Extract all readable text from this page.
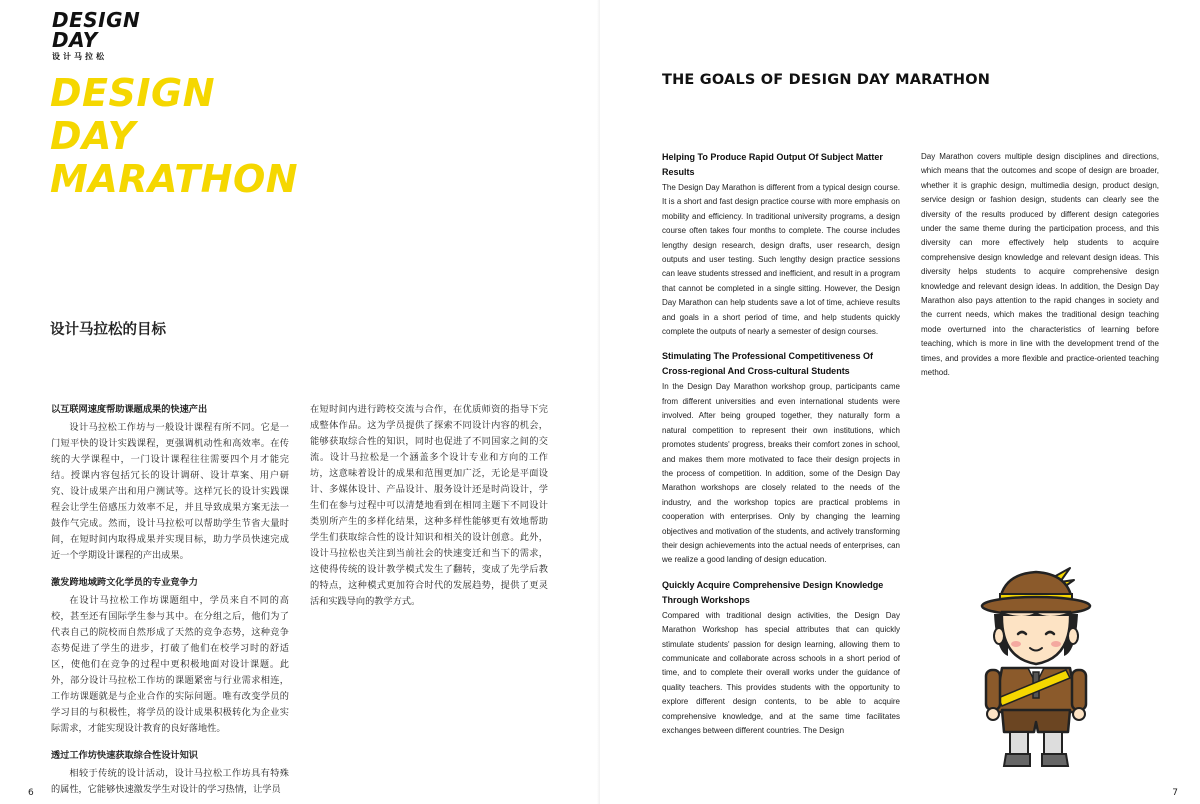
DESIGN
DAY
设计马拉松
DESIGN
DAY
MARATHON
设计马拉松的目标
以互联网速度帮助课题成果的快速产出
设计马拉松工作坊与一般设计课程有所不同。它是一门短平快的设计实践课程，更强调机动性和高效率。在传统的大学课程中，一门设计课程往往需要四个月才能完结。授课内容包括冗长的设计调研、设计草案、用户研究、设计成果产出和用户测试等。这样冗长的设计实践课程会让学生倍感压力效率不足，并且导致成果方案无法一鼓作气完成。然而，设计马拉松可以帮助学生节省大量时间，在短时间内取得成果并实现目标，助力学员快速完成近一个学期设计课程的产出成果。
激发跨地域跨文化学员的专业竞争力
在设计马拉松工作坊课题组中，学员来自不同的高校，甚至还有国际学生参与其中。在分组之后，他们为了代表自己的院校而自然形成了天然的竞争态势，这种竞争态势促进了学生的进步，打破了他们在校学习时的舒适区，使他们在竞争的过程中更积极地面对设计课题。此外，部分设计马拉松工作坊的课题紧密与行业需求相连，工作坊课题就是与企业合作的实际问题。唯有改变学员的学习目的与积极性，将学员的设计成果积极转化为企业实际需求，才能实现设计教育的良好落地性。
透过工作坊快速获取综合性设计知识
相较于传统的设计活动，设计马拉松工作坊具有特殊的属性，它能够快速激发学生对设计的学习热情，让学员
在短时间内进行跨校交流与合作，在优质师资的指导下完成整体作品。这为学员提供了探索不同设计内容的机会，能够获取综合性的知识，同时也促进了不同国家之间的交流。设计马拉松是一个涵盖多个设计专业和方向的工作坊，这意味着设计的成果和范围更加广泛，无论是平面设计、多媒体设计、产品设计、服务设计还是时尚设计，学生们在参与过程中可以清楚地看到在相同主题下不同设计类别所产生的多样化结果，这种多样性能够更有效地帮助学生们获取综合性的设计知识和相关的设计创意。此外，设计马拉松也关注到当前社会的快速变迁和当下的需求，这使得传统的设计教学模式发生了翻转，变成了先学后教的特点，这种模式更加符合时代的发展趋势，提供了更灵活和实践导向的教学方式。
6
THE GOALS OF DESIGN DAY MARATHON
Helping To Produce Rapid Output Of Subject Matter Results
The Design Day Marathon is different from a typical design course. It is a short and fast design practice course with more emphasis on mobility and efficiency. In traditional university programs, a design course often takes four months to complete. The course includes lengthy design research, design drafts, user research, design outputs and user testing. Such lengthy design practice sessions can leave students stressed and inefficient, and result in a program that cannot be completed in a single sitting. However, the Design Day Marathon can help students save a lot of time, achieve results and goals in a short period of time, and help students quickly complete the outputs of nearly a semester of design courses.
Stimulating The Professional Competitiveness Of Cross-regional And Cross-cultural Students
In the Design Day Marathon workshop group, participants came from different universities and even international students were involved. After being grouped together, they naturally form a natural competition to represent their own institutions, which promotes students' progress, breaks their comfort zones in school, and makes them more motivated to face their design projects in the process of competition. In addition, some of the Design Day Marathon workshops are closely related to the needs of the industry, and the workshop topics are practical problems in cooperation with enterprises. Only by changing the learning objectives and motivation of the students, and actively transforming their design achievements into the actual needs of enterprises, can we realize a good landing of design education.
Quickly Acquire Comprehensive Design Knowledge Through Workshops
Compared with traditional design activities, the Design Day Marathon Workshop has special attributes that can quickly stimulate students' passion for design learning, allowing them to communicate and collaborate across schools in a short period of time, and to complete their overall works under the guidance of quality teachers. This provides students with the opportunity to explore different design contents, to be able to acquire comprehensive knowledge, and at the same time facilitates exchanges between different countries. The Design
Day Marathon covers multiple design disciplines and directions, which means that the outcomes and scope of design are broader, whether it is graphic design, multimedia design, product design, service design or fashion design, students can clearly see the diversity of the results produced by different design categories under the same theme during the participation process, and this diversity can more effectively help students to acquire comprehensive design knowledge and relevant design ideas. This diversity helps students to acquire comprehensive design knowledge and relevant design ideas. In addition, the Design Day Marathon also pays attention to the rapid changes in society and the current needs, which makes the traditional design teaching mode overturned into the characteristics of learning before teaching, which is more in line with the development trend of the times, and provides a more flexible and practice-oriented teaching method.
7
